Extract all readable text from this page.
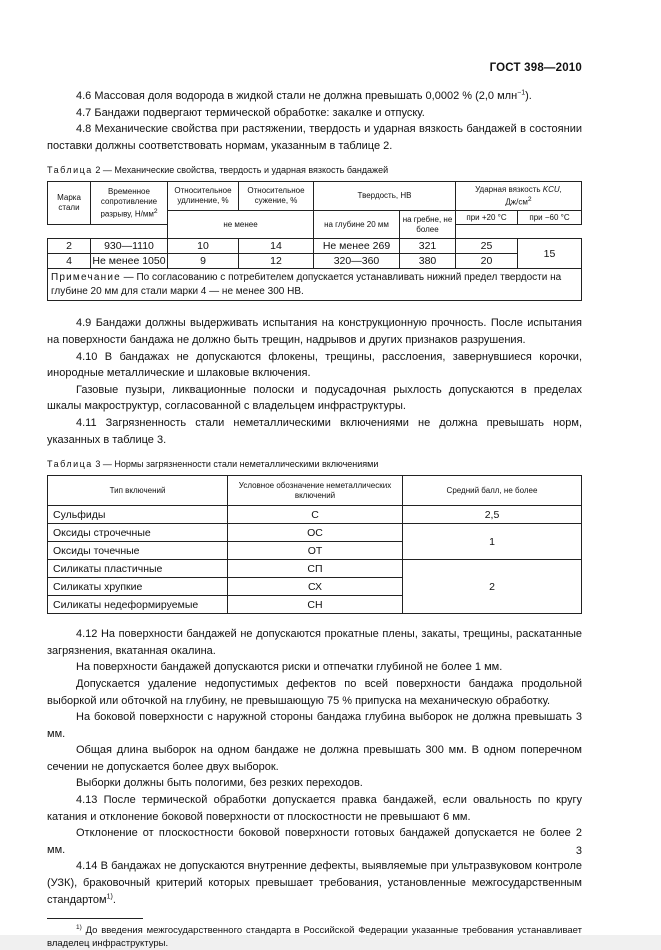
ГОСТ 398—2010

4.6 Массовая доля водорода в жидкой стали не должна превышать 0,0002 % (2,0 млн$^{-1}$).

4.7 Бандажи подвергают термической обработке: закалке и отпуску.

4.8 Механические свойства при растяжении, твердость и ударная вязкость бандажей в состоянии поставки должны соответствовать нормам, указанным в таблице 2.

Таблица 2 — Механические свойства, твердость и ударная вязкость бандажей
Марка стали	Временное сопротивление разрыву, $Н/мм^2$	Относительное удлинение, %	Относительное сужение, %	Твердость, НВ		Ударная вязкость KCU,
$Дж/см^2$
		не менее		на глубине 20 мм	на гребне, не более	при +20 °С	при −60 °С

2	930—1110	10	14	Не менее 269	321	25	15
4	Не менее 1050	9	12	320—360	380	20	
Примечание — По согласованию с потребителем допускается устанавливать нижний предел твердости на глубине 20 мм для стали марки 4 — не менее 300 НВ.							

4.9 Бандажи должны выдерживать испытания на конструкционную прочность. После испытания на поверхности бандажа не должно быть трещин, надрывов и других признаков разрушения.

4.10 В бандажах не допускаются флокены, трещины, расслоения, завернувшиеся корочки, инородные металлические и шлаковые включения.

Газовые пузыри, ликвационные полоски и подусадочная рыхлость допускаются в пределах шкалы макроструктур, согласованной с владельцем инфраструктуры.

4.11 Загрязненность стали неметаллическими включениями не должна превышать норм, указанных в таблице 3.

Таблица 3 — Нормы загрязненности стали неметаллическими включениями
Тип включений	Условное обозначение неметаллических включений	Средний балл, не более
Сульфиды	С	2,5
Оксиды строчечные	ОС	1
Оксиды точечные	ОТ	
Силикаты пластичные	СП	2
Силикаты хрупкие	СХ	
Силикаты недеформируемые	СН	

4.12 На поверхности бандажей не допускаются прокатные плены, закаты, трещины, раскатанные загрязнения, вкатанная окалина.

На поверхности бандажей допускаются риски и отпечатки глубиной не более 1 мм.

Допускается удаление недопустимых дефектов по всей поверхности бандажа продольной выборкой или обточкой на глубину, не превышающую 75 % припуска на механическую обработку.

На боковой поверхности с наружной стороны бандажа глубина выборок не должна превышать 3 мм.

Общая длина выборок на одном бандаже не должна превышать 300 мм. В одном поперечном сечении не допускается более двух выборок.

Выборки должны быть пологими, без резких переходов.

4.13 После термической обработки допускается правка бандажей, если овальность по кругу катания и отклонение боковой поверхности от плоскостности не превышают 6 мм.

Отклонение от плоскостности боковой поверхности готовых бандажей допускается не более 2 мм.

4.14 В бандажах не допускаются внутренние дефекты, выявляемые при ультразвуковом контроле (УЗК), браковочный критерий которых превышает требования, установленные межгосударственным стандартом$^{1)}$.

$^{1)}$ До введения межгосударственного стандарта в Российской Федерации указанные требования устанавливает владелец инфраструктуры.

3
